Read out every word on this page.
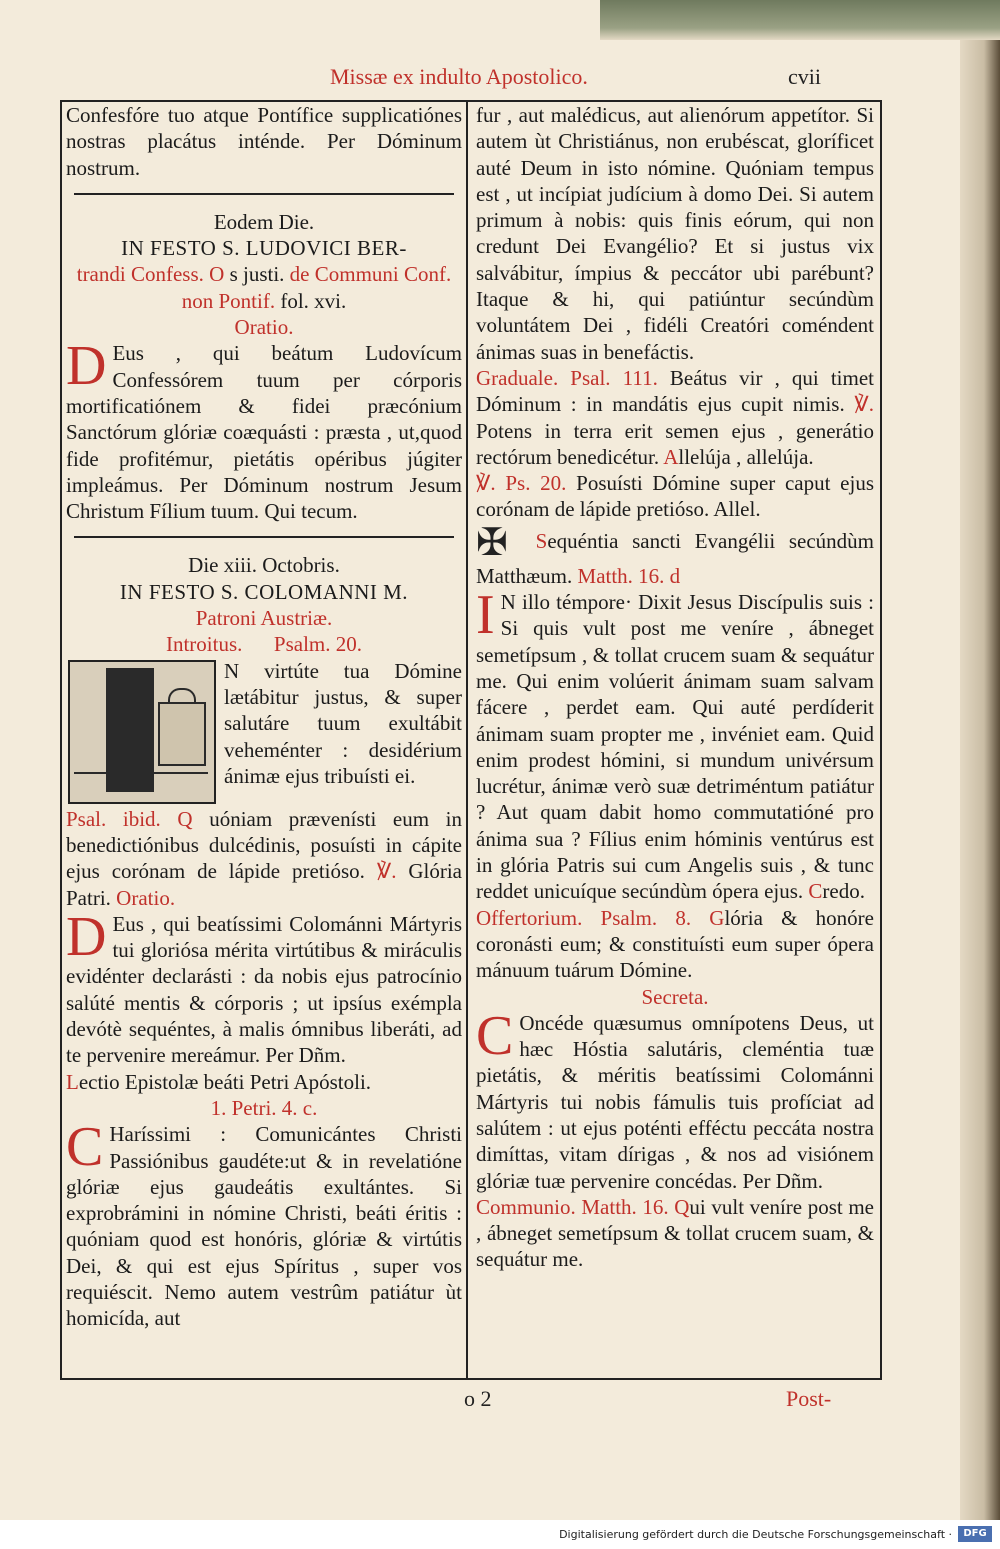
Missæ ex indulto Apostolico.	cvii

Confesfóre tuo atque Pontífice supplicatiónes nostras placátus inténde. Per Dóminum nostrum.

Eodem Die.

IN FESTO S. LUDOVICI BER-

trandi Confess. O s justi. de Communi Conf. non Pontif. fol. xvi.

Oratio.

D Eus , qui beátum Ludovícum Confessórem tuum per córporis mortificatiónem & fidei præcónium Sanctórum glóriæ coæquásti : præsta , ut,quod fide profitémur, pietátis opéribus júgiter impleámus. Per Dóminum nostrum Jesum Christum Fílium tuum. Qui tecum.

Die xiii. Octobris.

IN FESTO S. COLOMANNI M.

Patroni Austriæ.

Introitus. Psalm. 20.

N virtúte tua Dómine lætábitur justus, & super salutáre tuum exultábit veheménter : desidérium ánimæ ejus tribuísti ei.

Psal. ibid. Q uóniam prævenísti eum in benedictiónibus dulcédinis, posuísti in cápite ejus corónam de lápide pretióso. ℣. Glória Patri. Oratio.

D Eus , qui beatíssimi Colománni Mártyris tui gloriósa mérita virtútibus & miráculis evidénter declarásti : da nobis ejus patrocínio salúté mentis & córporis ; ut ipsíus exémpla devótè sequéntes, à malis ómnibus liberáti, ad te pervenire mereámur. Per Dñm.

Lectio Epistolæ beáti Petri Apóstoli.

1. Petri. 4. c.

C Haríssimi : Comunicántes Christi Passiónibus gaudéte:ut & in revelatióne glóriæ ejus gaudeátis exultántes. Si exprobrámini in nómine Christi, beáti éritis : quóniam quod est honóris, glóriæ & virtútis Dei, & qui est ejus Spíritus , super vos requiéscit. Nemo autem vestrûm patiátur ùt homicída, aut

fur , aut malédicus, aut alienórum appetítor. Si autem ùt Christiánus, non erubéscat, gloríficet auté Deum in isto nómine. Quóniam tempus est , ut incípiat judícium à domo Dei. Si autem primum à nobis: quis finis eórum, qui non credunt Dei Evangélio? Et si justus vix salvábitur, ímpius & peccátor ubi parébunt? Itaque & hi, qui patiúntur secúndùm voluntátem Dei , fidéli Creatóri coméndent ánimas suas in benefáctis.

Graduale. Psal. 111. Beátus vir , qui timet Dóminum : in mandátis ejus cupit nimis. ℣. Potens in terra erit semen ejus , generátio rectórum benedicétur. Allelúja , allelúja.

℣. Ps. 20. Posuísti Dómine super caput ejus corónam de lápide pretióso. Allel.

✠ Sequéntia sancti Evangélii secúndùm Matthæum. Matth. 16. d

I N illo témpore· Dixit Jesus Discípulis suis : Si quis vult post me veníre , ábneget semetípsum , & tollat crucem suam & sequátur me. Qui enim volúerit ánimam suam salvam fácere , perdet eam. Qui auté perdíderit ánimam suam propter me , invéniet eam. Quid enim prodest hómini, si mundum univérsum lucrétur, ánimæ verò suæ detriméntum patiátur ? Aut quam dabit homo commutatióné pro ánima sua ? Fílius enim hóminis ventúrus est in glória Patris sui cum Angelis suis , & tunc reddet unicuíque secúndùm ópera ejus. Credo.

Offertorium. Psalm. 8. Glória & honóre coronásti eum; & constituísti eum super ópera mánuum tuárum Dómine.

Secreta.

C Oncéde quæsumus omnípotens Deus, ut hæc Hóstia salutáris, cleméntia tuæ pietátis, & méritis beatíssimi Colománni Mártyris tui nobis fámulis tuis profíciat ad salútem : ut ejus poténti efféctu peccáta nostra dimíttas, vitam dírigas , & nos ad visiónem glóriæ tuæ pervenire concédas. Per Dñm.

Communio. Matth. 16. Qui vult veníre post me , ábneget semetípsum & tollat crucem suam, & sequátur me.

o 2	Post-
Digitalisierung gefördert durch die Deutsche Forschungsgemeinschaft ·	DFG
